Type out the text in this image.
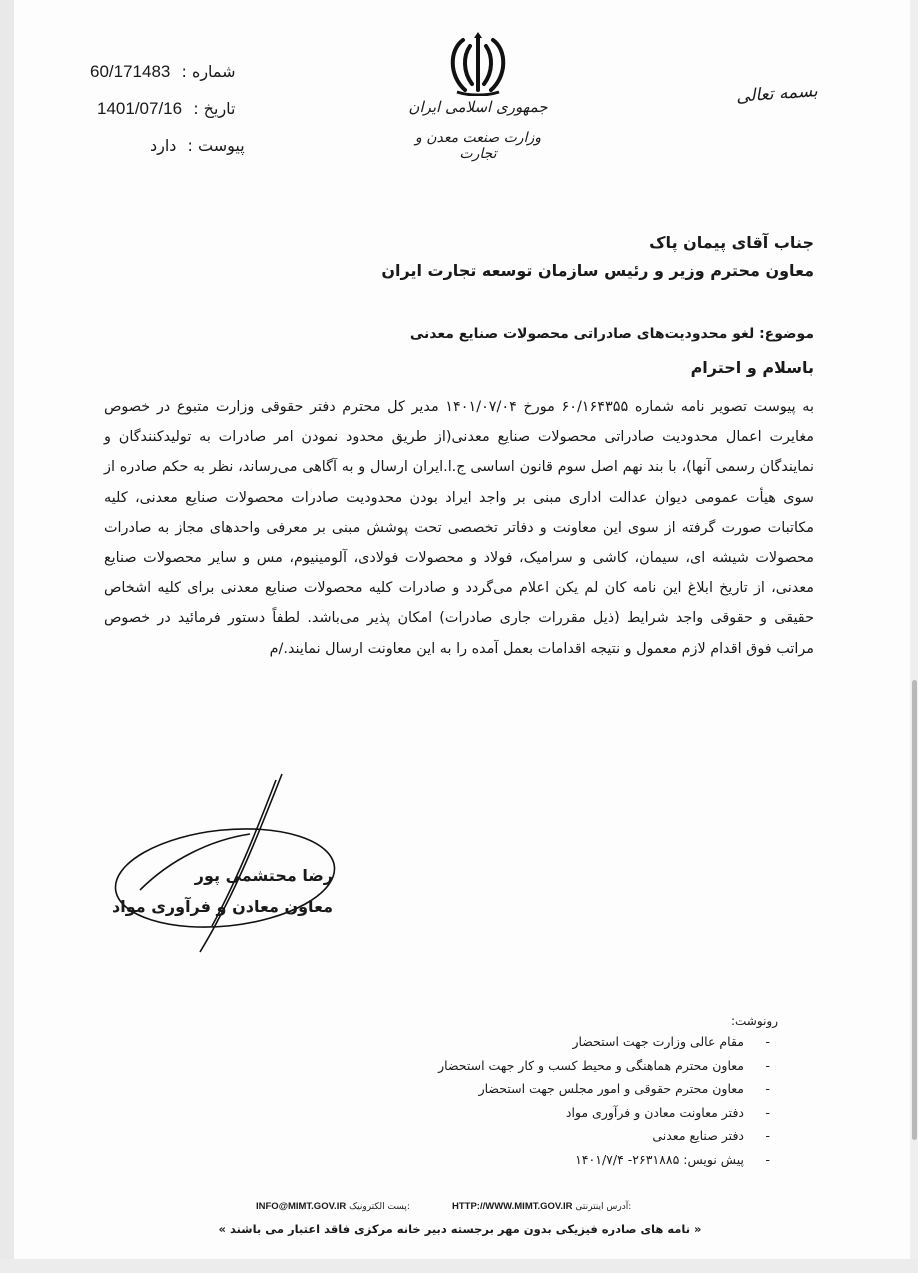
شماره : 60/171483
تاریخ : 1401/07/16
پیوست : دارد
بسمه تعالی
جمهوری اسلامی ایران
وزارت صنعت معدن و تجارت
جناب آقای پیمان پاک
معاون محترم وزیر و رئیس سازمان توسعه تجارت ایران
موضوع: لغو محدودیت‌های صادراتی محصولات صنایع معدنی
باسلام و احترام
به پیوست تصویر نامه شماره ۶۰/۱۶۴۳۵۵ مورخ ۱۴۰۱/۰۷/۰۴ مدیر کل محترم دفتر حقوقی وزارت متبوع در خصوص مغایرت اعمال محدودیت صادراتی محصولات صنایع معدنی(از طریق محدود نمودن امر صادرات به تولیدکنندگان و نمایندگان رسمی آنها)، با بند نهم اصل سوم قانون اساسی ج.ا.ایران ارسال و به آگاهی می‌رساند، نظر به حکم صادره از سوی هیأت عمومی دیوان عدالت اداری مبنی بر واجد ایراد بودن محدودیت صادرات محصولات صنایع معدنی، کلیه مکاتبات صورت گرفته از سوی این معاونت و دفاتر تخصصی تحت پوشش مبنی بر معرفی واحدهای مجاز به صادرات محصولات شیشه ای، سیمان، کاشی و سرامیک، فولاد و محصولات فولادی، آلومینیوم، مس و سایر محصولات صنایع معدنی، از تاریخ ابلاغ این نامه کان لم یکن اعلام می‌گردد و صادرات کلیه محصولات صنایع معدنی برای کلیه اشخاص حقیقی و حقوقی واجد شرایط (ذیل مقررات جاری صادرات) امکان پذیر می‌باشد. لطفاً دستور فرمائید در خصوص مراتب فوق اقدام لازم معمول و نتیجه اقدامات بعمل آمده را به این معاونت ارسال نمایند./م
رضا محتشمی پور
معاون معادن و فرآوری مواد
رونوشت:
- مقام عالی وزارت جهت استحضار
- معاون محترم هماهنگی و محیط کسب و کار جهت استحضار
- معاون محترم حقوقی و امور مجلس جهت استحضار
- دفتر معاونت معادن و فرآوری مواد
- دفتر صنایع معدنی
- پیش نویس: ۲۶۳۱۸۸۵- ۱۴۰۱/۷/۴
HTTP://WWW.MIMT.GOV.IR آدرس اینترنتی:
INFO@MIMT.GOV.IR پست الکترونیک:
« نامه های صادره فیزیکی بدون مهر برجسته دبیر خانه مرکزی فاقد اعتبار می باشند »
